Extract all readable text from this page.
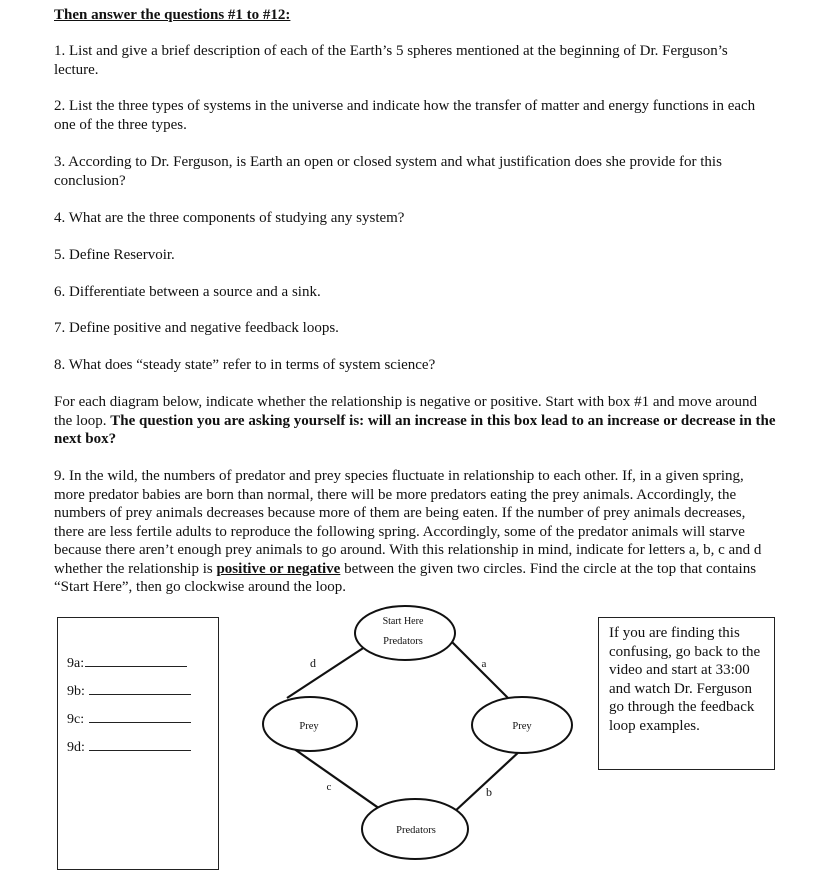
Then answer the questions #1 to #12:

1. List and give a brief description of each of the Earth’s 5 spheres mentioned at the beginning of Dr. Ferguson’s lecture.

2. List the three types of systems in the universe and indicate how the transfer of matter and energy functions in each one of the three types.

3. According to Dr. Ferguson, is Earth an open or closed system and what justification does she provide for this conclusion?

4. What are the three components of studying any system?

5. Define Reservoir.

6. Differentiate between a source and a sink.

7. Define positive and negative feedback loops.

8. What does “steady state” refer to in terms of system science?

For each diagram below, indicate whether the relationship is negative or positive. Start with box #1 and move around the loop. The question you are asking yourself is: will an increase in this box lead to an increase or decrease in the next box?

9. In the wild, the numbers of predator and prey species fluctuate in relationship to each other. If, in a given spring, more predator babies are born than normal, there will be more predators eating the prey animals. Accordingly, the numbers of prey animals decreases because more of them are being eaten. If the number of prey animals decreases, there are less fertile adults to reproduce the following spring. Accordingly, some of the predator animals will starve because there aren’t enough prey animals to go around. With this relationship in mind, indicate for letters a, b, c and d whether the relationship is positive or negative between the given two circles. Find the circle at the top that contains “Start Here”, then go clockwise around the loop.

9a:
9b:
9c:
9d:
Start Here
Predators
Prey	Prey
Predators
a
b
c
d
If you are finding this confusing, go back to the video and start at 33:00 and watch Dr. Ferguson go through the feedback loop examples.
